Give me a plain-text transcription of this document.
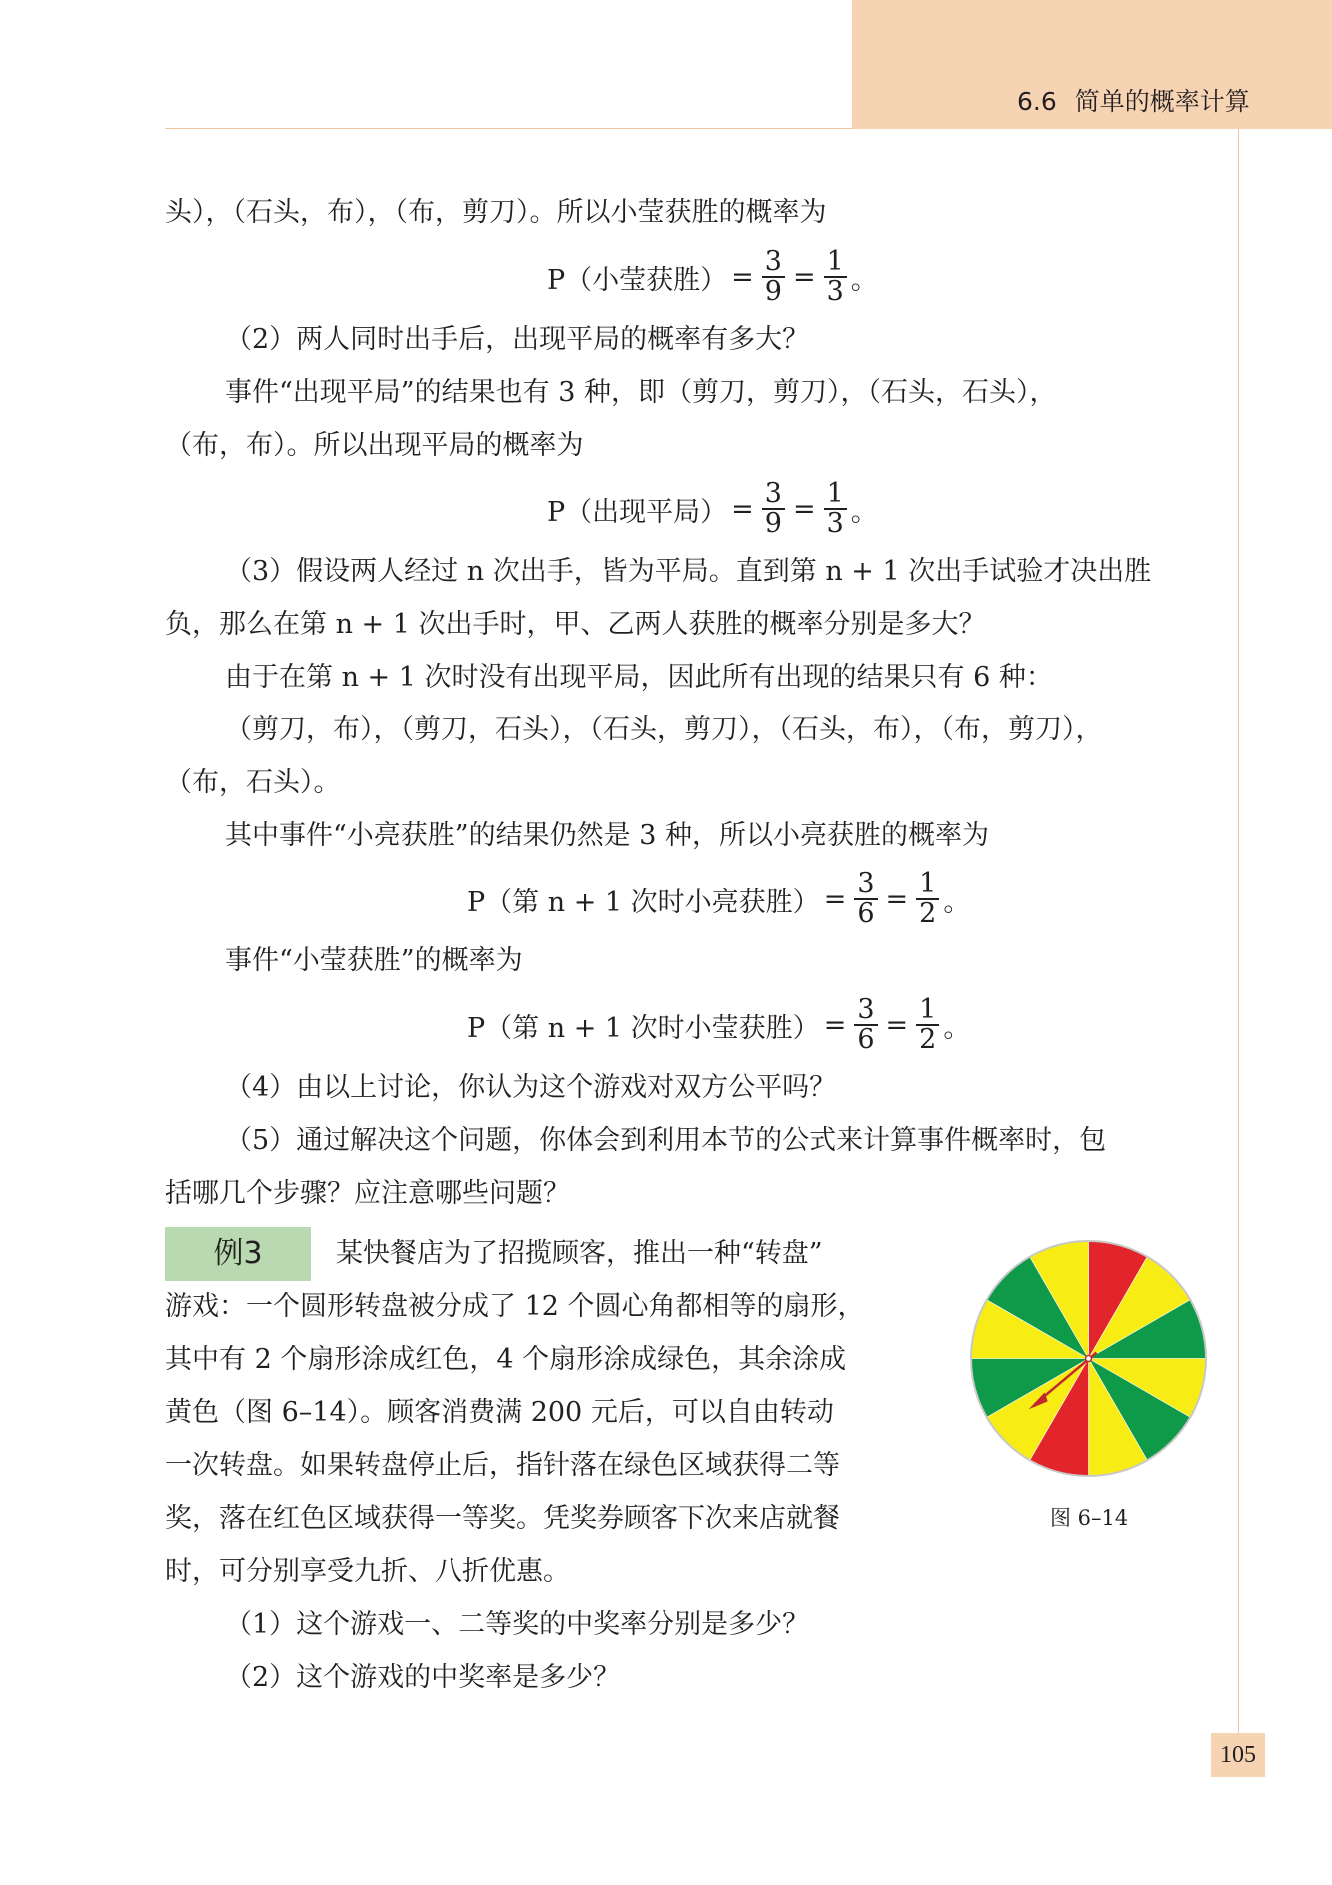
6.6 简单的概率计算
头），（石头，布），（布，剪刀）。所以小莹获胜的概率为
P（小莹获胜） = $\frac{3}{9} = \frac{1}{3}$ 。
（2）两人同时出手后，出现平局的概率有多大？
事件“出现平局”的结果也有 3 种，即（剪刀，剪刀），（石头，石头），
（布，布）。所以出现平局的概率为
P（出现平局） = $\frac{3}{9} = \frac{1}{3}$ 。
（3）假设两人经过 n 次出手，皆为平局。直到第 n + 1 次出手试验才决出胜
负，那么在第 n + 1 次出手时，甲、乙两人获胜的概率分别是多大？
由于在第 n + 1 次时没有出现平局，因此所有出现的结果只有 6 种：
（剪刀，布），（剪刀，石头），（石头，剪刀），（石头，布），（布，剪刀），
（布，石头）。
其中事件“小亮获胜”的结果仍然是 3 种，所以小亮获胜的概率为
P（第 n + 1 次时小亮获胜） = $\frac{3}{6} = \frac{1}{2}$ 。
事件“小莹获胜”的概率为
P（第 n + 1 次时小莹获胜） = $\frac{3}{6} = \frac{1}{2}$ 。
（4）由以上讨论，你认为这个游戏对双方公平吗？
（5）通过解决这个问题，你体会到利用本节的公式来计算事件概率时，包
括哪几个步骤？应注意哪些问题？
例3	某快餐店为了招揽顾客，推出一种“转盘”
游戏：一个圆形转盘被分成了 12 个圆心角都相等的扇形，
其中有 2 个扇形涂成红色，4 个扇形涂成绿色，其余涂成
黄色（图 6–14）。顾客消费满 200 元后，可以自由转动
一次转盘。如果转盘停止后，指针落在绿色区域获得二等
奖，落在红色区域获得一等奖。凭奖券顾客下次来店就餐
时，可分别享受九折、八折优惠。
（1）这个游戏一、二等奖的中奖率分别是多少？
（2）这个游戏的中奖率是多少？
图 6–14
105
